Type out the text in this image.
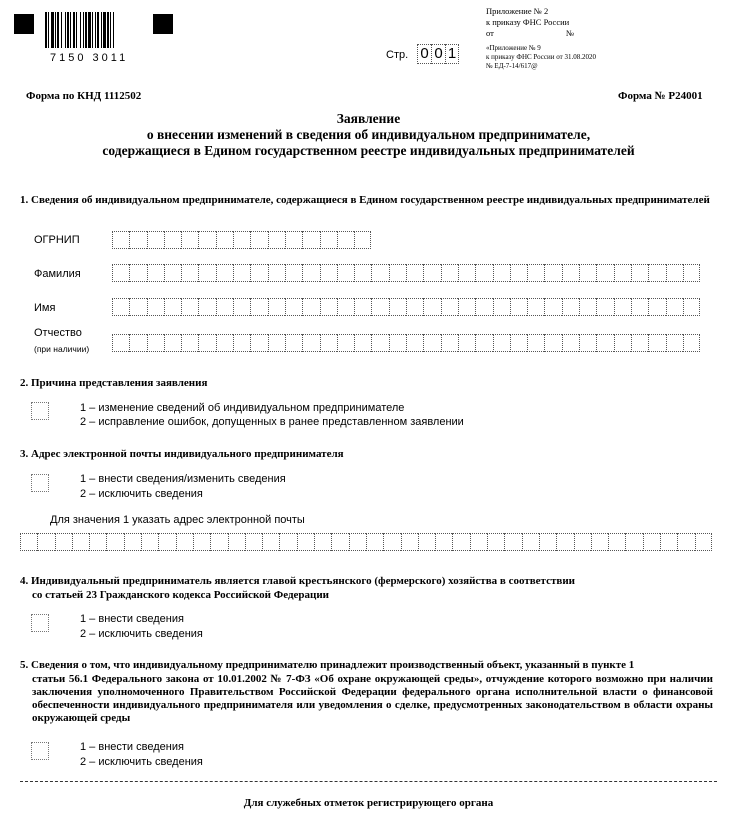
7150 3011	Стр. 0 0 1
Приложение № 2
к приказу ФНС России
от	№
«Приложение № 9
к приказу ФНС России от 31.08.2020
№ ЕД-7-14/617@
Форма по КНД 1112502	Форма № Р24001
Заявление
о внесении изменений в сведения об индивидуальном предпринимателе,
содержащиеся в Едином государственном реестре индивидуальных предпринимателей
1. Сведения об индивидуальном предпринимателе, содержащиеся в Едином государственном реестре индивидуальных предпринимателей
ОГРНИП
Фамилия
Имя
Отчество
(при наличии)
2. Причина представления заявления
1 – изменение сведений об индивидуальном предпринимателе
2 – исправление ошибок, допущенных в ранее представленном заявлении
3. Адрес электронной почты индивидуального предпринимателя
1 – внести сведения/изменить сведения
2 – исключить сведения
Для значения 1 указать адрес электронной почты
4. Индивидуальный предприниматель является главой крестьянского (фермерского) хозяйства в соответствии
со статьей 23 Гражданского кодекса Российской Федерации
1 – внести сведения
2 – исключить сведения
5. Сведения о том, что индивидуальному предпринимателю принадлежит производственный объект, указанный в пункте 1
статьи 56.1 Федерального закона от 10.01.2002 № 7-ФЗ «Об охране окружающей среды», отчуждение которого возможно при наличии заключения уполномоченного Правительством Российской Федерации федерального органа исполнительной власти о финансовой обеспеченности индивидуального предпринимателя или уведомления о сделке, предусмотренных законодательством в области охраны окружающей среды
1 – внести сведения
2 – исключить сведения
Для служебных отметок регистрирующего органа
